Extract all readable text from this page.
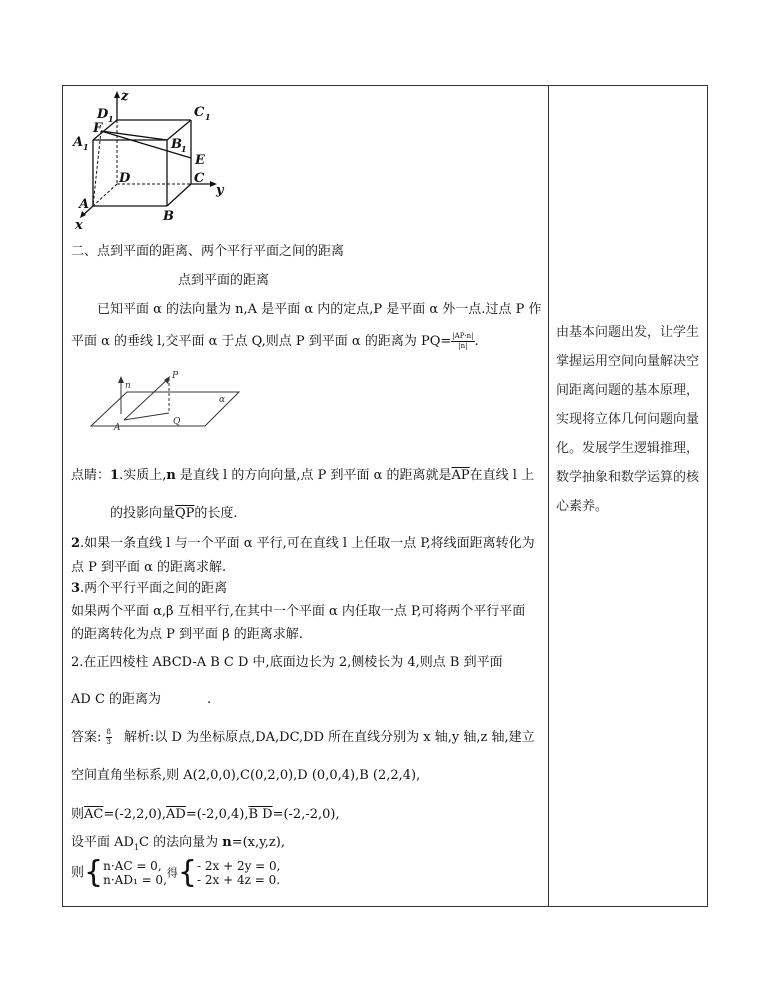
z
D 1	C 1
A 1
F
B 1
E
D	C
y
A
B
x
二、点到平面的距离、两个平行平面之间的距离
点到平面的距离
已知平面 α 的法向量为 n,A 是平面 α 内的定点,P 是平面 α 外一点.过点 P 作
平面 α 的垂线 l,交平面 α 于点 Q,则点 P 到平面 α 的距离为 $PQ= \frac{|AP\cdot n|}{|n|}$ .
n
P
α
A
Q
点睛：1.实质上,n 是直线 l 的方向向量,点 P 到平面 α 的距离就是$\overline{AP}$在直线 l 上
的投影向量$\overline{QP}$的长度.
2.如果一条直线 l 与一个平面 α 平行,可在直线 l 上任取一点 P,将线面距离转化为
点 P 到平面 α 的距离求解.
3.两个平行平面之间的距离
如果两个平面 α,β 互相平行,在其中一个平面 α 内任取一点 P,可将两个平行平面
的距离转化为点 P 到平面 β 的距离求解.
2.在正四棱柱 ABCD-A B C D 中,底面边长为 2,侧棱长为 4,则点 B 到平面
AD C 的距离为	.
答案: $\frac{8}{3}$ 解析:以 D 为坐标原点,DA,DC,DD 所在直线分别为 x 轴,y 轴,z 轴,建立
空间直角坐标系,则 A(2,0,0),C(0,2,0),D (0,0,4),B (2,2,4),
则$\overline{AC}=(-2,2,0),\overline{AD}=(-2,0,4),B$ D=(-2,-2,0),
设平面 $AD_1C$ 的法向量为 n=(x,y,z),
则{ n·AC = 0,
n·AD₁ = 0, 得{ - 2x + 2y = 0,
- 2x + 4z = 0.
由基本问题出发，让学生掌握运用空间向量解决空间距离问题的基本原理，实现将立体几何问题向量化。发展学生逻辑推理，数学抽象和数学运算的核心素养。
